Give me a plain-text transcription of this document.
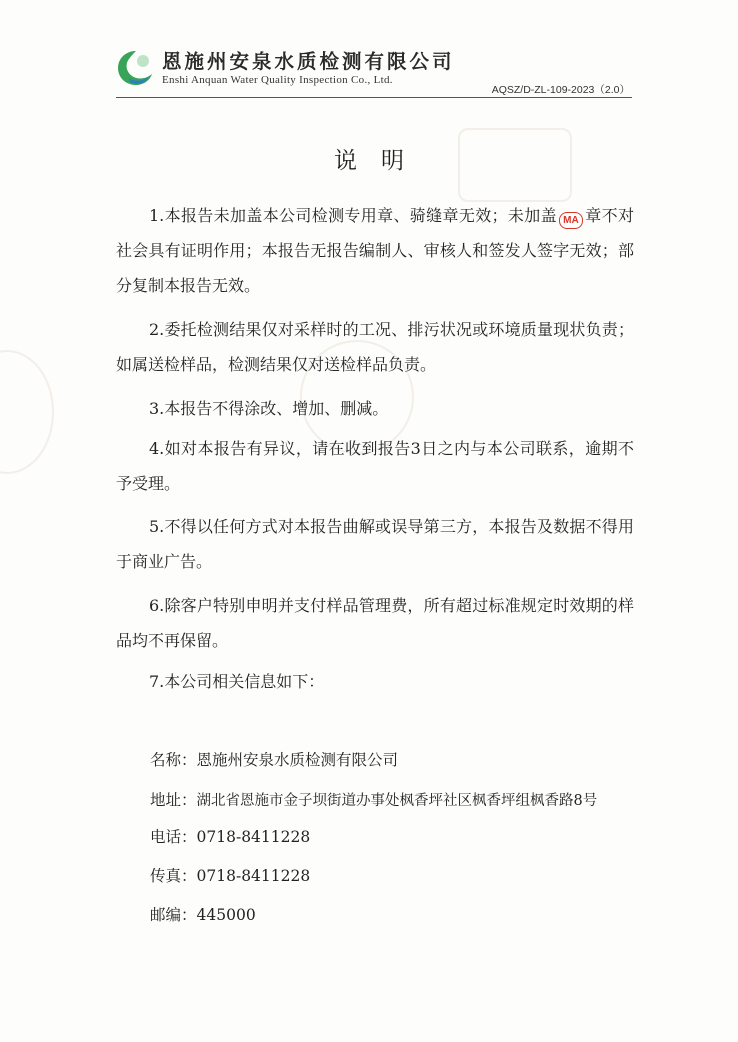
恩施州安泉水质检测有限公司
Enshi Anquan Water Quality Inspection Co., Ltd.
AQSZ/D-ZL-109-2023（2.0）
说明
1.本报告未加盖本公司检测专用章、骑缝章无效；未加盖 MA 章不对社会具有证明作用；本报告无报告编制人、审核人和签发人签字无效；部分复制本报告无效。
2.委托检测结果仅对采样时的工况、排污状况或环境质量现状负责；如属送检样品，检测结果仅对送检样品负责。
3.本报告不得涂改、增加、删减。
4.如对本报告有异议，请在收到报告3日之内与本公司联系，逾期不予受理。
5.不得以任何方式对本报告曲解或误导第三方，本报告及数据不得用于商业广告。
6.除客户特别申明并支付样品管理费，所有超过标准规定时效期的样品均不再保留。
7.本公司相关信息如下：
名称：恩施州安泉水质检测有限公司
地址：湖北省恩施市金子坝街道办事处枫香坪社区枫香坪组枫香路8号
电话：0718-8411228
传真：0718-8411228
邮编：445000
